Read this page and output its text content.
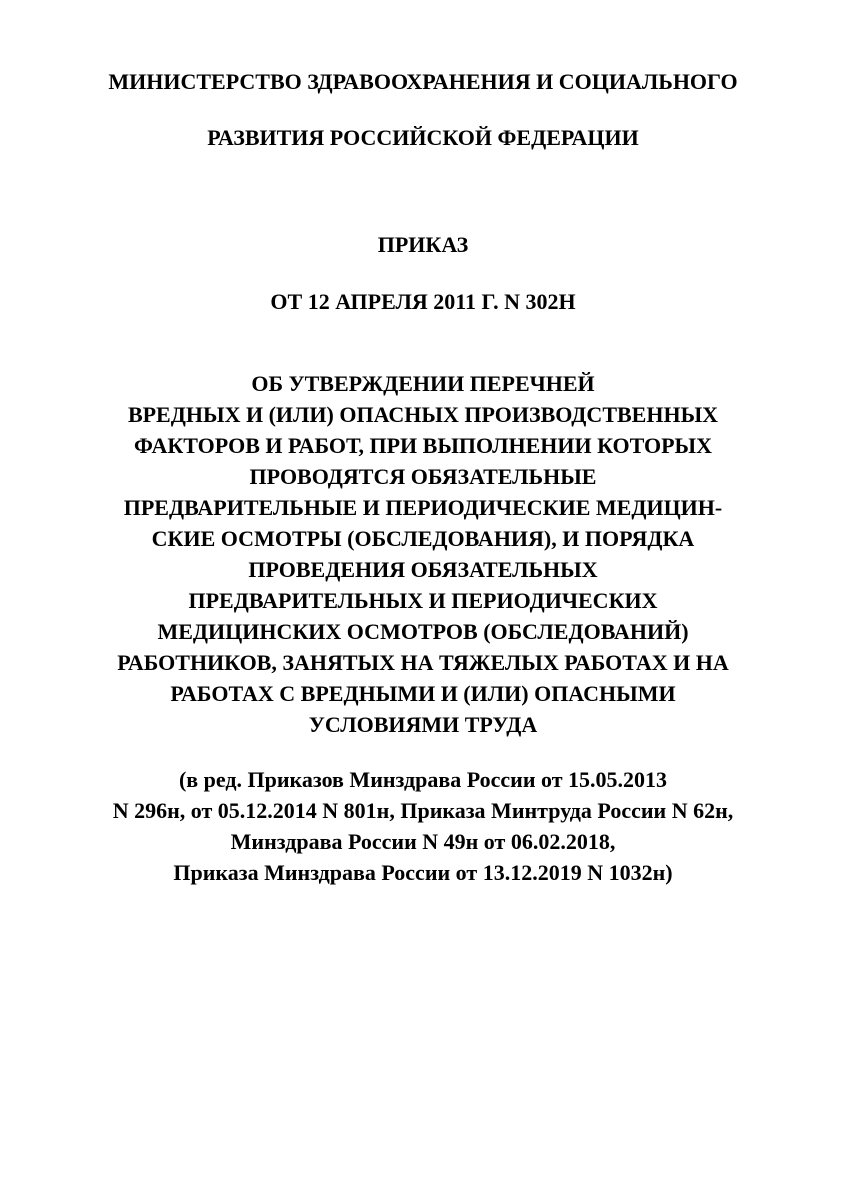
МИНИСТЕРСТВО ЗДРАВООХРАНЕНИЯ И СОЦИАЛЬНОГО
РАЗВИТИЯ РОССИЙСКОЙ ФЕДЕРАЦИИ
ПРИКАЗ
ОТ 12 АПРЕЛЯ 2011 Г. N 302Н
ОБ УТВЕРЖДЕНИИ ПЕРЕЧНЕЙ
ВРЕДНЫХ И (ИЛИ) ОПАСНЫХ ПРОИЗВОДСТВЕННЫХ
ФАКТОРОВ И РАБОТ, ПРИ ВЫПОЛНЕНИИ КОТОРЫХ
ПРОВОДЯТСЯ ОБЯЗАТЕЛЬНЫЕ
ПРЕДВАРИТЕЛЬНЫЕ И ПЕРИОДИЧЕСКИЕ МЕДИЦИН-
СКИЕ ОСМОТРЫ (ОБСЛЕДОВАНИЯ), И ПОРЯДКА
ПРОВЕДЕНИЯ ОБЯЗАТЕЛЬНЫХ
ПРЕДВАРИТЕЛЬНЫХ И ПЕРИОДИЧЕСКИХ
МЕДИЦИНСКИХ ОСМОТРОВ (ОБСЛЕДОВАНИЙ)
РАБОТНИКОВ, ЗАНЯТЫХ НА ТЯЖЕЛЫХ РАБОТАХ И НА
РАБОТАХ С ВРЕДНЫМИ И (ИЛИ) ОПАСНЫМИ
УСЛОВИЯМИ ТРУДА
(в ред. Приказов Минздрава России от 15.05.2013
N 296н, от 05.12.2014 N 801н, Приказа Минтруда России N 62н,
Минздрава России N 49н от 06.02.2018,
Приказа Минздрава России от 13.12.2019 N 1032н)
